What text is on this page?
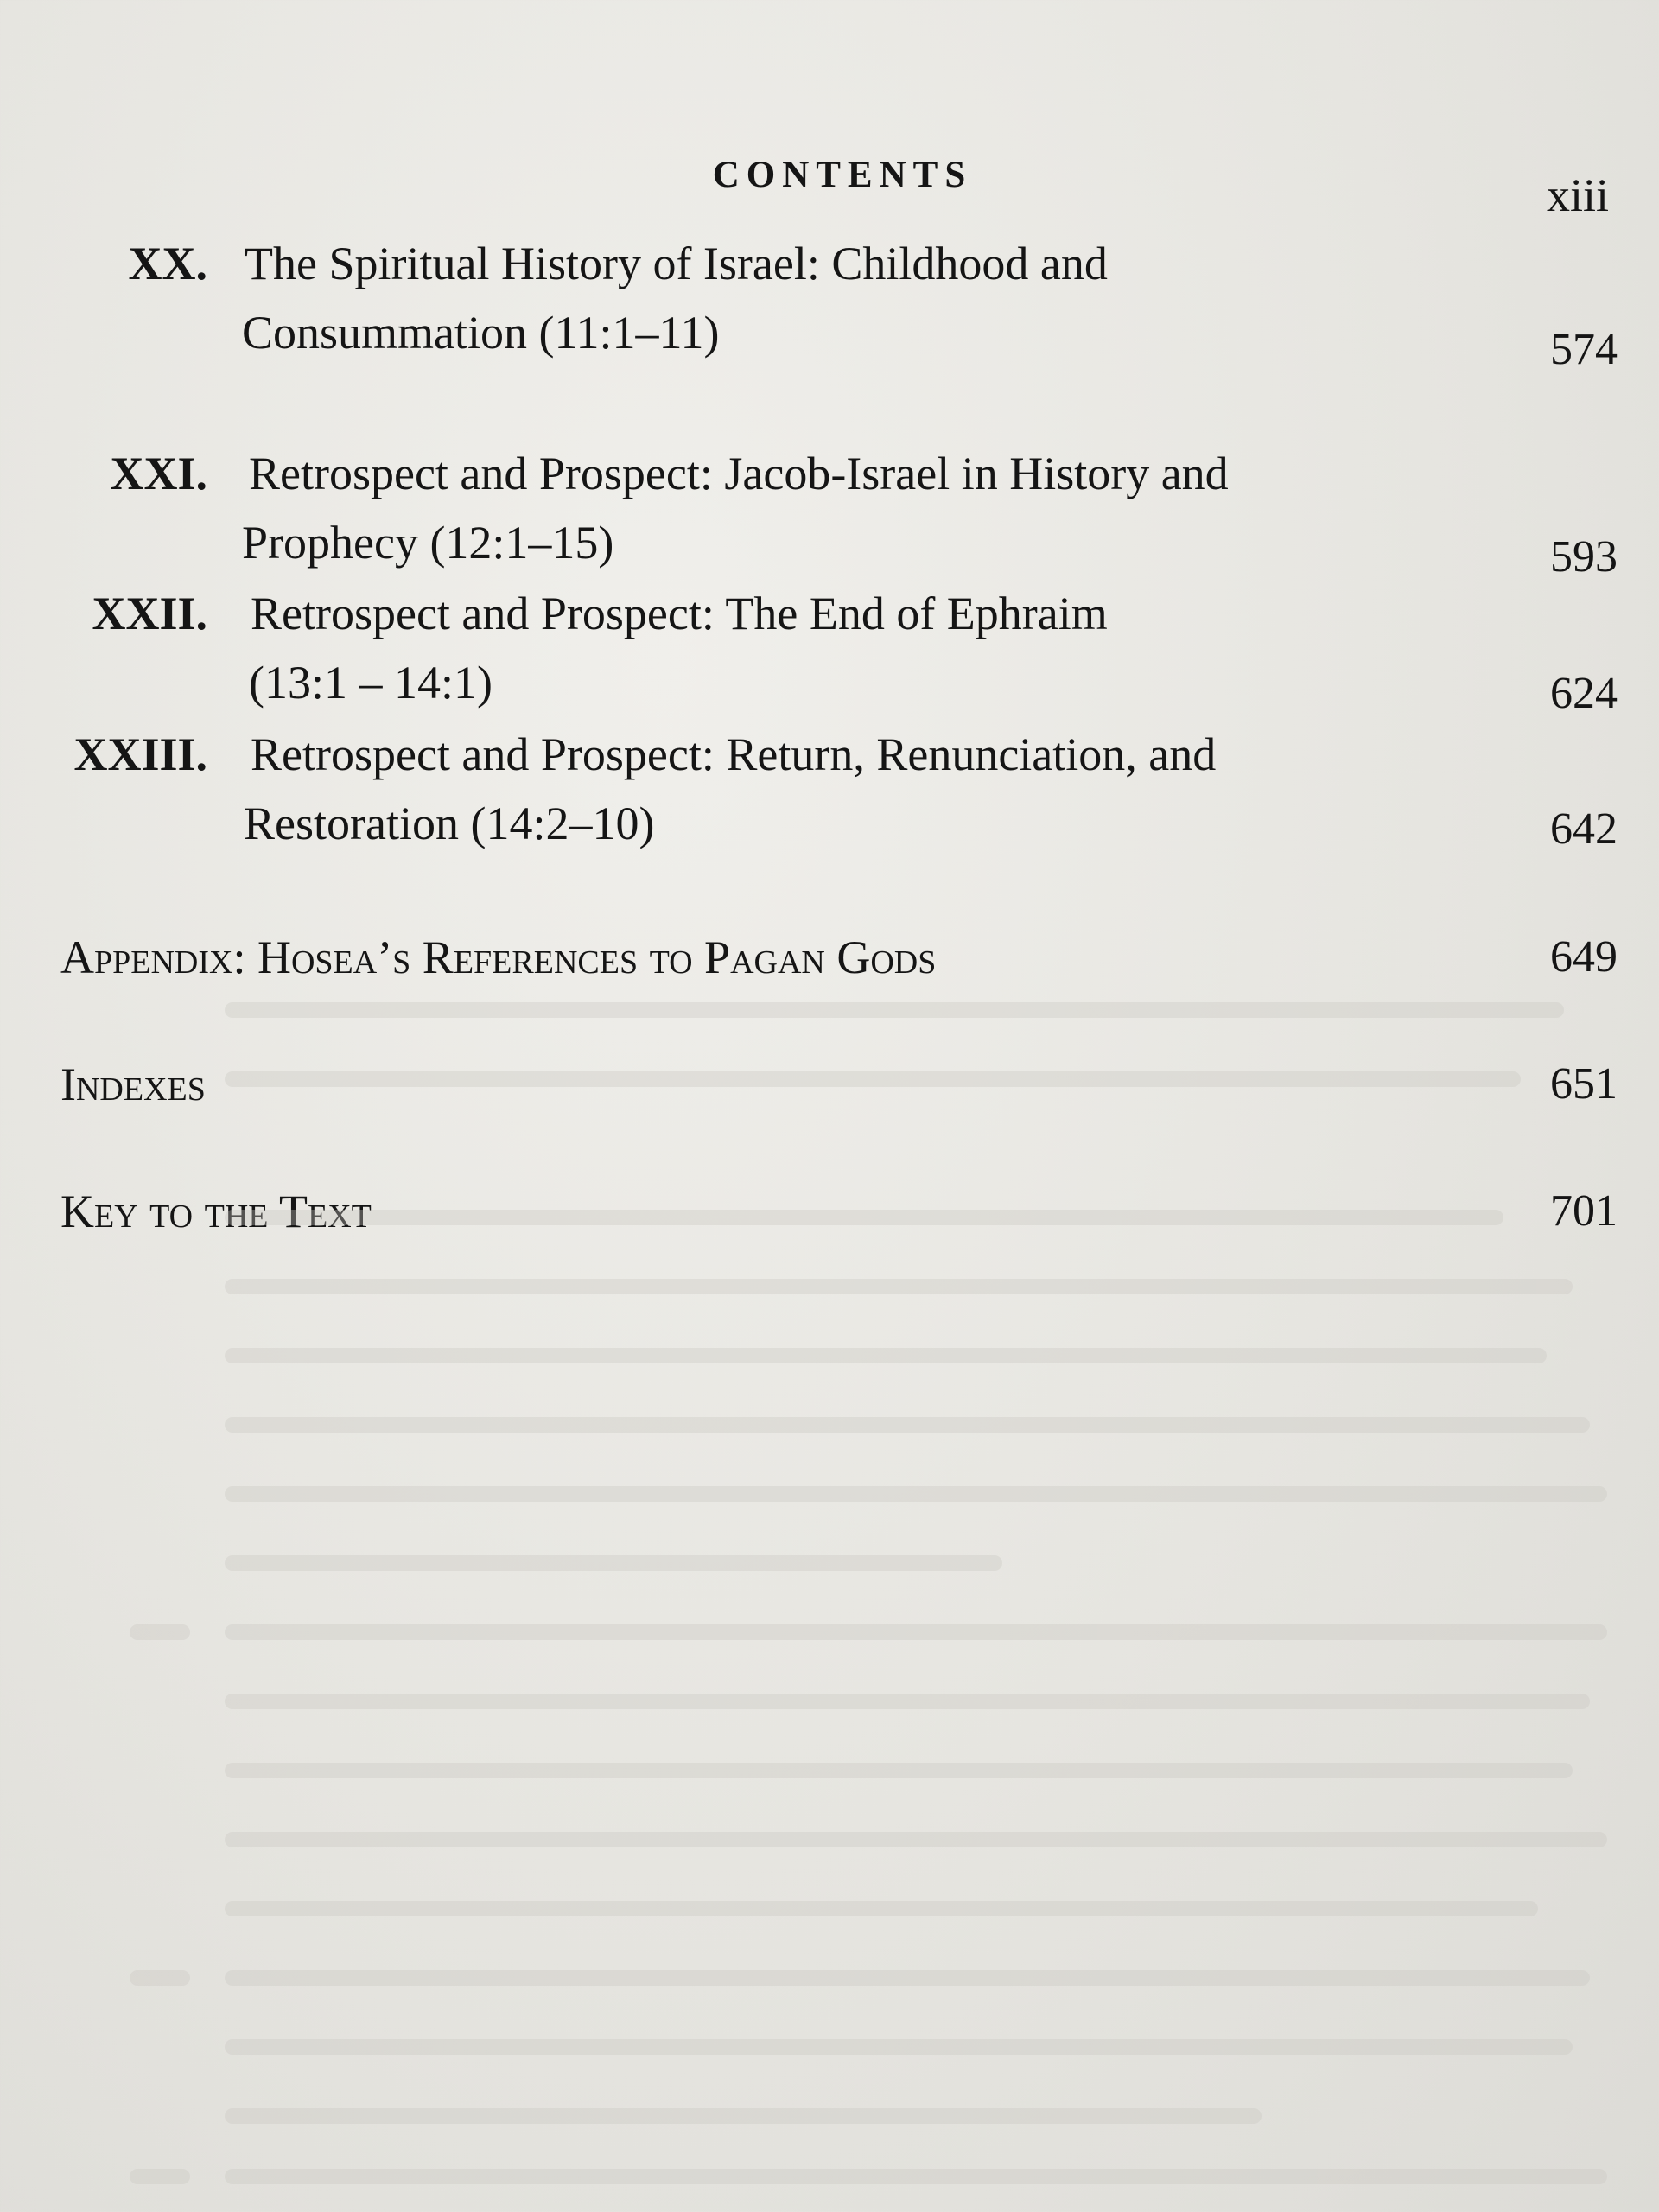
CONTENTS	xiii
XX. The Spiritual History of Israel: Childhood and
Consummation (11:1–11)	574
XXI. Retrospect and Prospect: Jacob-Israel in History and
Prophecy (12:1–15)	593
XXII. Retrospect and Prospect: The End of Ephraim
(13:1 – 14:1)	624
XXIII. Retrospect and Prospect: Return, Renunciation, and
Restoration (14:2–10)	642
Appendix: Hosea’s References to Pagan Gods	649
Indexes	651
Key to the Text	701
